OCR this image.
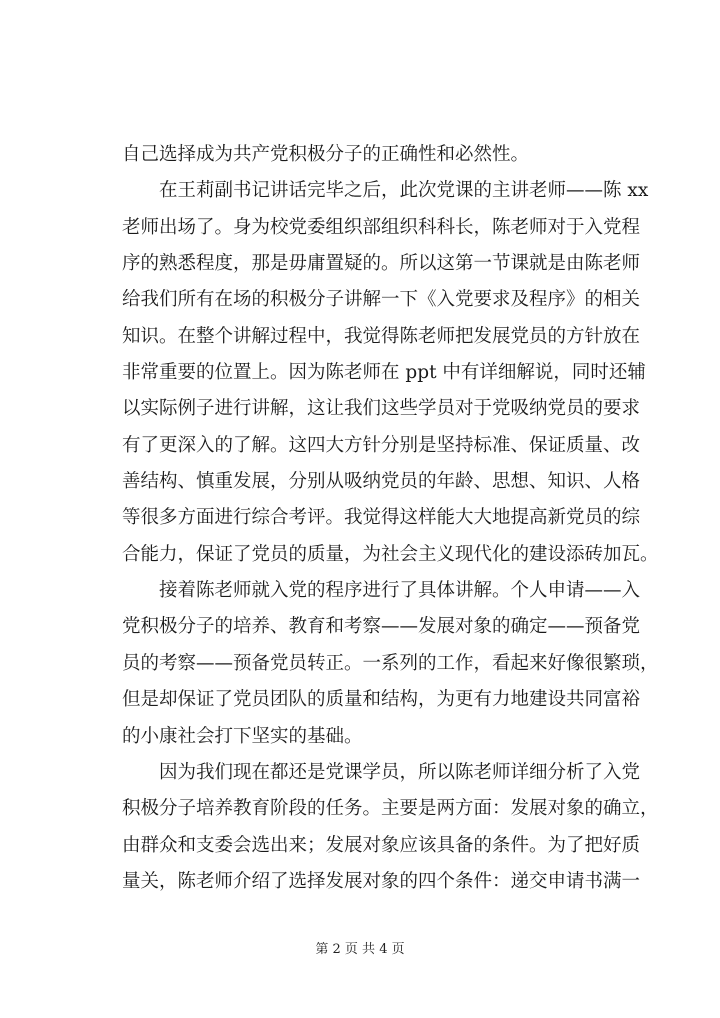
自己选择成为共产党积极分子的正确性和必然性。
在王莉副书记讲话完毕之后，此次党课的主讲老师——陈 xx
老师出场了。身为校党委组织部组织科科长，陈老师对于入党程
序的熟悉程度，那是毋庸置疑的。所以这第一节课就是由陈老师
给我们所有在场的积极分子讲解一下《入党要求及程序》的相关
知识。在整个讲解过程中，我觉得陈老师把发展党员的方针放在
非常重要的位置上。因为陈老师在 ppt 中有详细解说，同时还辅
以实际例子进行讲解，这让我们这些学员对于党吸纳党员的要求
有了更深入的了解。这四大方针分别是坚持标准、保证质量、改
善结构、慎重发展，分别从吸纳党员的年龄、思想、知识、人格
等很多方面进行综合考评。我觉得这样能大大地提高新党员的综
合能力，保证了党员的质量，为社会主义现代化的建设添砖加瓦。
接着陈老师就入党的程序进行了具体讲解。个人申请——入
党积极分子的培养、教育和考察——发展对象的确定——预备党
员的考察——预备党员转正。一系列的工作，看起来好像很繁琐，
但是却保证了党员团队的质量和结构，为更有力地建设共同富裕
的小康社会打下坚实的基础。
因为我们现在都还是党课学员，所以陈老师详细分析了入党
积极分子培养教育阶段的任务。主要是两方面：发展对象的确立，
由群众和支委会选出来；发展对象应该具备的条件。为了把好质
量关，陈老师介绍了选择发展对象的四个条件：递交申请书满一
第 2 页 共 4 页
